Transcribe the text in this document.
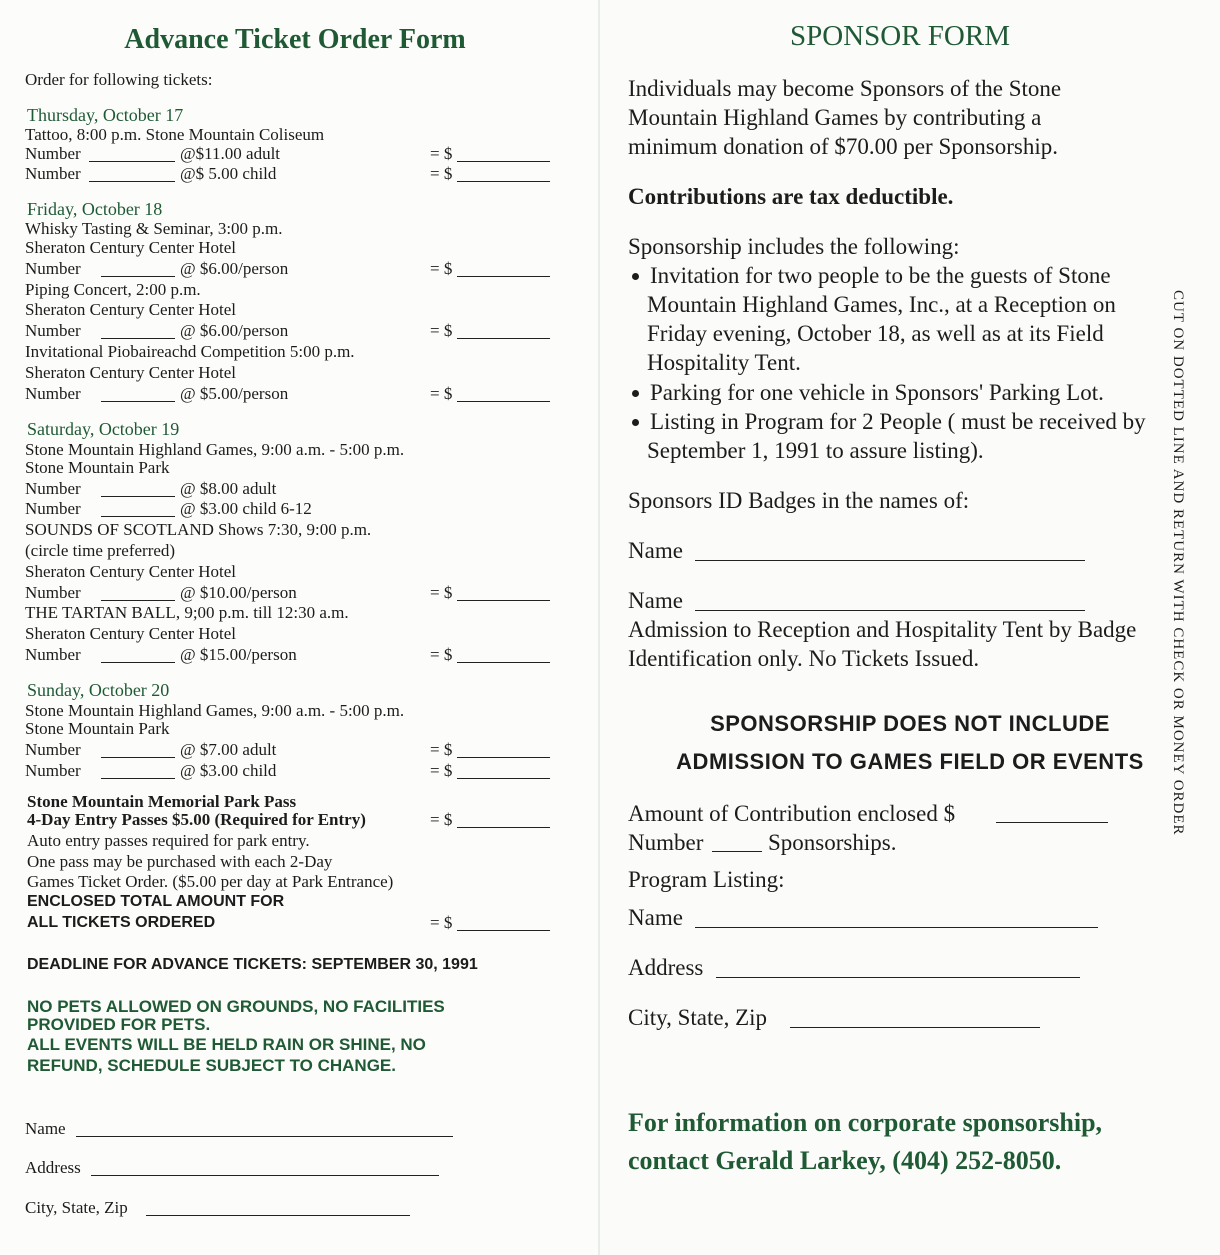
Advance Ticket Order Form
Order for following tickets:
Thursday, October 17
Tattoo, 8:00 p.m. Stone Mountain Coliseum
Number	@$11.00 adult	= $
Number	@$ 5.00 child	= $
Friday, October 18
Whisky Tasting & Seminar, 3:00 p.m.
Sheraton Century Center Hotel
Number	@ $6.00/person	= $
Piping Concert, 2:00 p.m.
Sheraton Century Center Hotel
Number	@ $6.00/person	= $
Invitational Piobaireachd Competition 5:00 p.m.
Sheraton Century Center Hotel
Number	@ $5.00/person	= $
Saturday, October 19
Stone Mountain Highland Games, 9:00 a.m. - 5:00 p.m.
Stone Mountain Park
Number	@ $8.00 adult
Number	@ $3.00 child 6-12
SOUNDS OF SCOTLAND Shows 7:30, 9:00 p.m.
(circle time preferred)
Sheraton Century Center Hotel
Number	@ $10.00/person	= $
THE TARTAN BALL, 9;00 p.m. till 12:30 a.m.
Sheraton Century Center Hotel
Number	@ $15.00/person	= $
Sunday, October 20
Stone Mountain Highland Games, 9:00 a.m. - 5:00 p.m.
Stone Mountain Park
Number	@ $7.00 adult	= $
Number	@ $3.00 child	= $
Stone Mountain Memorial Park Pass
4-Day Entry Passes $5.00 (Required for Entry)	= $
Auto entry passes required for park entry.
One pass may be purchased with each 2-Day
Games Ticket Order. ($5.00 per day at Park Entrance)
ENCLOSED TOTAL AMOUNT FOR
ALL TICKETS ORDERED	= $
DEADLINE FOR ADVANCE TICKETS: SEPTEMBER 30, 1991
NO PETS ALLOWED ON GROUNDS, NO FACILITIES
PROVIDED FOR PETS.
ALL EVENTS WILL BE HELD RAIN OR SHINE, NO
REFUND, SCHEDULE SUBJECT TO CHANGE.
Name
Address
City, State, Zip
SPONSOR FORM
Individuals may become Sponsors of the Stone
Mountain Highland Games by contributing a
minimum donation of $70.00 per Sponsorship.
Contributions are tax deductible.
Sponsorship includes the following:
Invitation for two people to be the guests of Stone
Mountain Highland Games, Inc., at a Reception on
Friday evening, October 18, as well as at its Field
Hospitality Tent.
Parking for one vehicle in Sponsors' Parking Lot.
Listing in Program for 2 People ( must be received by
September 1, 1991 to assure listing).
Sponsors ID Badges in the names of:
Name
Name
Admission to Reception and Hospitality Tent by Badge
Identification only. No Tickets Issued.
SPONSORSHIP DOES NOT INCLUDE
ADMISSION TO GAMES FIELD OR EVENTS
Amount of Contribution enclosed $
Number	Sponsorships.
Program Listing:
Name
Address
City, State, Zip
For information on corporate sponsorship,
contact Gerald Larkey, (404) 252-8050.
CUT ON DOTTED LINE AND RETURN WITH CHECK OR MONEY ORDER
